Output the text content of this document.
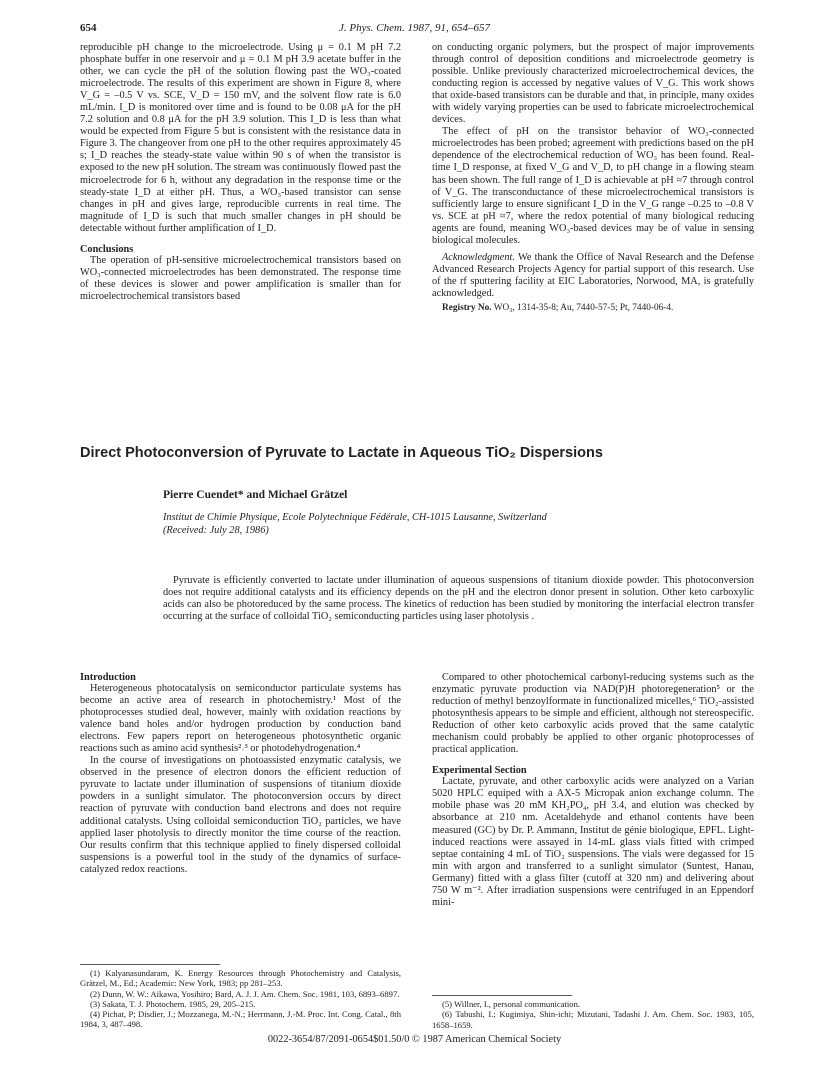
J. Phys. Chem. 1987, 91, 654–657
654

reproducible pH change to the microelectrode. Using μ = 0.1 M pH 7.2 phosphate buffer in one reservoir and μ = 0.1 M pH 3.9 acetate buffer in the other, we can cycle the pH of the solution flowing past the WO₃-coated microelectrode. The results of this experiment are shown in Figure 8, where V_G = –0.5 V vs. SCE, V_D = 150 mV, and the solvent flow rate is 6.0 mL/min. I_D is monitored over time and is found to be 0.08 μA for the pH 7.2 solution and 0.8 μA for the pH 3.9 solution. This I_D is less than what would be expected from Figure 5 but is consistent with the resistance data in Figure 3. The changeover from one pH to the other requires approximately 45 s; I_D reaches the steady-state value within 90 s of when the transistor is exposed to the new pH solution. The stream was continuously flowed past the microelectrode for 6 h, without any degradation in the response time or the steady-state I_D at either pH. Thus, a WO₃-based transistor can sense changes in pH and gives large, reproducible currents in real time. The magnitude of I_D is such that much smaller changes in pH should be detectable without further amplification of I_D.

Conclusions

The operation of pH-sensitive microelectrochemical transistors based on WO₃-connected microelectrodes has been demonstrated. The response time of these devices is slower and power amplification is smaller than for microelectrochemical transistors based

on conducting organic polymers, but the prospect of major improvements through control of deposition conditions and microelectrode geometry is possible. Unlike previously characterized microelectrochemical devices, the conducting region is accessed by negative values of V_G. This work shows that oxide-based transistors can be durable and that, in principle, many oxides with widely varying properties can be used to fabricate microelectrochemical devices.

The effect of pH on the transistor behavior of WO₃-connected microelectrodes has been probed; agreement with predictions based on the pH dependence of the electrochemical reduction of WO₃ has been found. Real-time I_D response, at fixed V_G and V_D, to pH change in a flowing steam has been shown. The full range of I_D is achievable at pH ≈7 through control of V_G. The transconductance of these microelectrochemical transistors is sufficiently large to ensure significant I_D in the V_G range –0.25 to –0.8 V vs. SCE at pH ≈7, where the redox potential of many biological reducing agents are found, meaning WO₃-based devices may be of value in sensing biological molecules.

Acknowledgment. We thank the Office of Naval Research and the Defense Advanced Research Projects Agency for partial support of this research. Use of the rf sputtering facility at EIC Laboratories, Norwood, MA, is gratefully acknowledged.

Registry No. WO₃, 1314-35-8; Au, 7440-57-5; Pt, 7440-06-4.

Direct Photoconversion of Pyruvate to Lactate in Aqueous TiO₂ Dispersions
Pierre Cuendet* and Michael Grätzel
Institut de Chimie Physique, Ecole Polytechnique Fédérale, CH-1015 Lausanne, Switzerland
(Received: July 28, 1986)

Pyruvate is efficiently converted to lactate under illumination of aqueous suspensions of titanium dioxide powder. This photoconversion does not require additional catalysts and its efficiency depends on the pH and the electron donor present in solution. Other keto carboxylic acids can also be photoreduced by the same process. The kinetics of reduction has been studied by monitoring the interfacial electron transfer occurring at the surface of colloidal TiO₂ semiconducting particles using laser photolysis .

Introduction

Heterogeneous photocatalysis on semiconductor particulate systems has become an active area of research in photochemistry.¹ Most of the photoprocesses studied deal, however, mainly with oxidation reactions by valence band holes and/or hydrogen production by conduction band electrons. Few papers report on heterogeneous photosynthetic organic reactions such as amino acid synthesis²˒³ or photodehydrogenation.⁴

In the course of investigations on photoassisted enzymatic catalysis, we observed in the presence of electron donors the efficient reduction of pyruvate to lactate under illumination of suspensions of titanium dioxide powders in a sunlight simulator. The photoconversion occurs by direct reaction of pyruvate with conduction band electrons and does not require additional catalysts. Using colloidal semiconduction TiO₂ particles, we have applied laser photolysis to directly monitor the time course of the reaction. Our results confirm that this technique applied to finely dispersed colloidal suspensions is a powerful tool in the study of the dynamics of surface-catalyzed redox reactions.

Compared to other photochemical carbonyl-reducing systems such as the enzymatic pyruvate production via NAD(P)H photoregeneration⁵ or the reduction of methyl benzoylformate in functionalized micelles,⁶ TiO₂-assisted photosynthesis appears to be simple and efficient, although not stereospecific. Reduction of other keto carboxylic acids proved that the same catalytic mechanism could probably be applied to other organic photoprocesses of practical application.

Experimental Section

Lactate, pyruvate, and other carboxylic acids were analyzed on a Varian 5020 HPLC equiped with a AX-5 Micropak anion exchange column. The mobile phase was 20 mM KH₂PO₄, pH 3.4, and elution was checked by absorbance at 210 nm. Acetaldehyde and ethanol contents have been measured (GC) by Dr. P. Ammann, Institut de génie biologique, EPFL. Light-induced reactions were assayed in 14-mL glass vials fitted with crimped septae containing 4 mL of TiO₂ suspensions. The vials were degassed for 15 min with argon and transferred to a sunlight simulator (Suntest, Hanau, Germany) fitted with a glass filter (cutoff at 320 nm) and delivering about 750 W m⁻². After irradiation suspensions were centrifuged in an Eppendorf mini-

(1) Kalyanasundaram, K. Energy Resources through Photochemistry and Catalysis, Grätzel, M., Ed.; Academic: New York, 1983; pp 281–253.

(2) Dunn, W. W.: Aikawa, Yosihiro; Bard, A. J. J. Am. Chem. Soc. 1981, 103, 6893–6897.

(3) Sakata, T. J. Photochem. 1985, 29, 205–215.

(4) Pichat, P; Disdier, J.; Mozzanega, M.-N.; Herrmann, J.-M. Proc. Int. Cong. Catal., 8th 1984, 3, 487–498.

(5) Willner, I., personal communication.

(6) Tabushi, I.; Kugimiya, Shin-ichi; Mizutani, Tadashi J. Am. Chem. Soc. 1983, 105, 1658–1659.

0022-3654/87/2091-0654$01.50/0 © 1987 American Chemical Society
